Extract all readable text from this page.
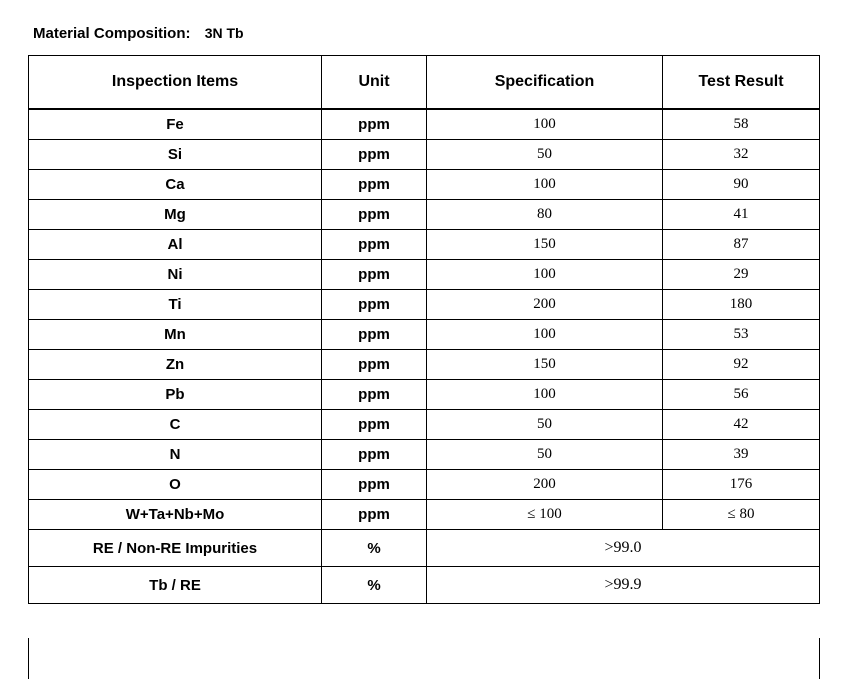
Material Composition: 3N Tb
Inspection Items	Unit	Specification	Test Result
Fe	ppm	100	58
Si	ppm	50	32
Ca	ppm	100	90
Mg	ppm	80	41
Al	ppm	150	87
Ni	ppm	100	29
Ti	ppm	200	180
Mn	ppm	100	53
Zn	ppm	150	92
Pb	ppm	100	56
C	ppm	50	42
N	ppm	50	39
O	ppm	200	176
W+Ta+Nb+Mo	ppm	≤ 100	≤ 80
RE / Non-RE Impurities	%	>99.0	
Tb / RE	%	>99.9	
